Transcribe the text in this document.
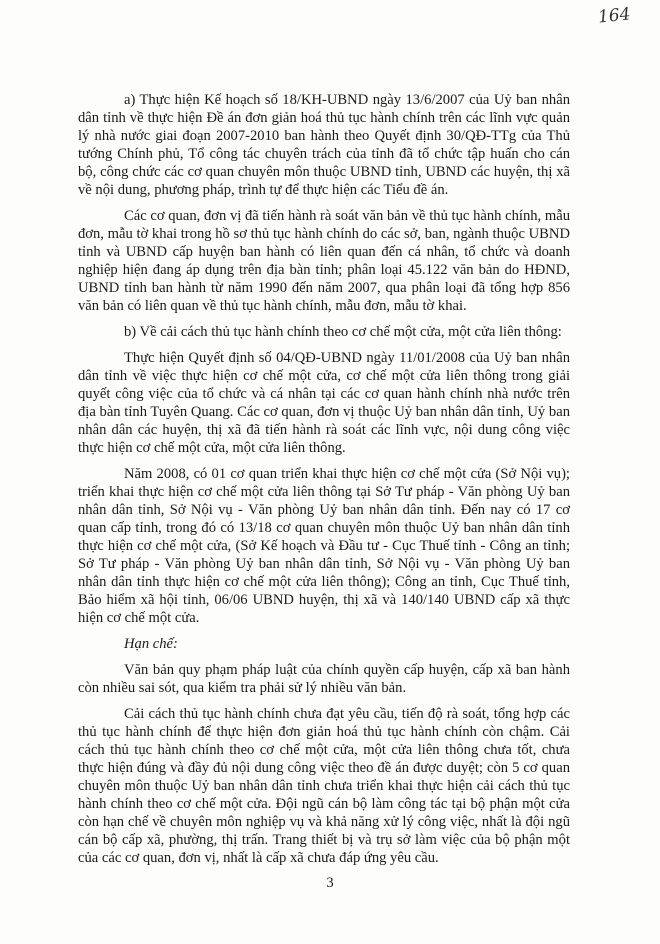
164

a) Thực hiện Kế hoạch số 18/KH-UBND ngày 13/6/2007 của Uỷ ban nhân dân tỉnh về thực hiện Đề án đơn giản hoá thủ tục hành chính trên các lĩnh vực quản lý nhà nước giai đoạn 2007-2010 ban hành theo Quyết định 30/QĐ-TTg của Thủ tướng Chính phủ, Tổ công tác chuyên trách của tỉnh đã tổ chức tập huấn cho cán bộ, công chức các cơ quan chuyên môn thuộc UBND tỉnh, UBND các huyện, thị xã về nội dung, phương pháp, trình tự để thực hiện các Tiểu đề án.

Các cơ quan, đơn vị đã tiến hành rà soát văn bản về thủ tục hành chính, mẫu đơn, mẫu tờ khai trong hồ sơ thủ tục hành chính do các sở, ban, ngành thuộc UBND tỉnh và UBND cấp huyện ban hành có liên quan đến cá nhân, tổ chức và doanh nghiệp hiện đang áp dụng trên địa bàn tỉnh; phân loại 45.122 văn bản do HĐND, UBND tỉnh ban hành từ năm 1990 đến năm 2007, qua phân loại đã tổng hợp 856 văn bản có liên quan về thủ tục hành chính, mẫu đơn, mẫu tờ khai.

b) Về cải cách thủ tục hành chính theo cơ chế một cửa, một cửa liên thông:

Thực hiện Quyết định số 04/QĐ-UBND ngày 11/01/2008 của Uỷ ban nhân dân tỉnh về việc thực hiện cơ chế một cửa, cơ chế một cửa liên thông trong giải quyết công việc của tổ chức và cá nhân tại các cơ quan hành chính nhà nước trên địa bàn tỉnh Tuyên Quang. Các cơ quan, đơn vị thuộc Uỷ ban nhân dân tỉnh, Uỷ ban nhân dân các huyện, thị xã đã tiến hành rà soát các lĩnh vực, nội dung công việc thực hiện cơ chế một cửa, một cửa liên thông.

Năm 2008, có 01 cơ quan triển khai thực hiện cơ chế một cửa (Sở Nội vụ); triển khai thực hiện cơ chế một cửa liên thông tại Sở Tư pháp - Văn phòng Uỷ ban nhân dân tỉnh, Sở Nội vụ - Văn phòng Uỷ ban nhân dân tỉnh. Đến nay có 17 cơ quan cấp tỉnh, trong đó có 13/18 cơ quan chuyên môn thuộc Uỷ ban nhân dân tỉnh thực hiện cơ chế một cửa, (Sở Kế hoạch và Đầu tư - Cục Thuế tỉnh - Công an tỉnh; Sở Tư pháp - Văn phòng Uỷ ban nhân dân tỉnh, Sở Nội vụ - Văn phòng Uỷ ban nhân dân tỉnh thực hiện cơ chế một cửa liên thông); Công an tỉnh, Cục Thuế tỉnh, Bảo hiểm xã hội tỉnh, 06/06 UBND huyện, thị xã và 140/140 UBND cấp xã thực hiện cơ chế một cửa.

Hạn chế:

Văn bản quy phạm pháp luật của chính quyền cấp huyện, cấp xã ban hành còn nhiều sai sót, qua kiểm tra phải sử lý nhiều văn bản.

Cải cách thủ tục hành chính chưa đạt yêu cầu, tiến độ rà soát, tổng hợp các thủ tục hành chính để thực hiện đơn giản hoá thủ tục hành chính còn chậm. Cải cách thủ tục hành chính theo cơ chế một cửa, một cửa liên thông chưa tốt, chưa thực hiện đúng và đầy đủ nội dung công việc theo đề án được duyệt; còn 5 cơ quan chuyên môn thuộc Uỷ ban nhân dân tỉnh chưa triển khai thực hiện cải cách thủ tục hành chính theo cơ chế một cửa. Đội ngũ cán bộ làm công tác tại bộ phận một cửa còn hạn chế về chuyên môn nghiệp vụ và khả năng xử lý công việc, nhất là đội ngũ cán bộ cấp xã, phường, thị trấn. Trang thiết bị và trụ sở làm việc của bộ phận một của các cơ quan, đơn vị, nhất là cấp xã chưa đáp ứng yêu cầu.

3
